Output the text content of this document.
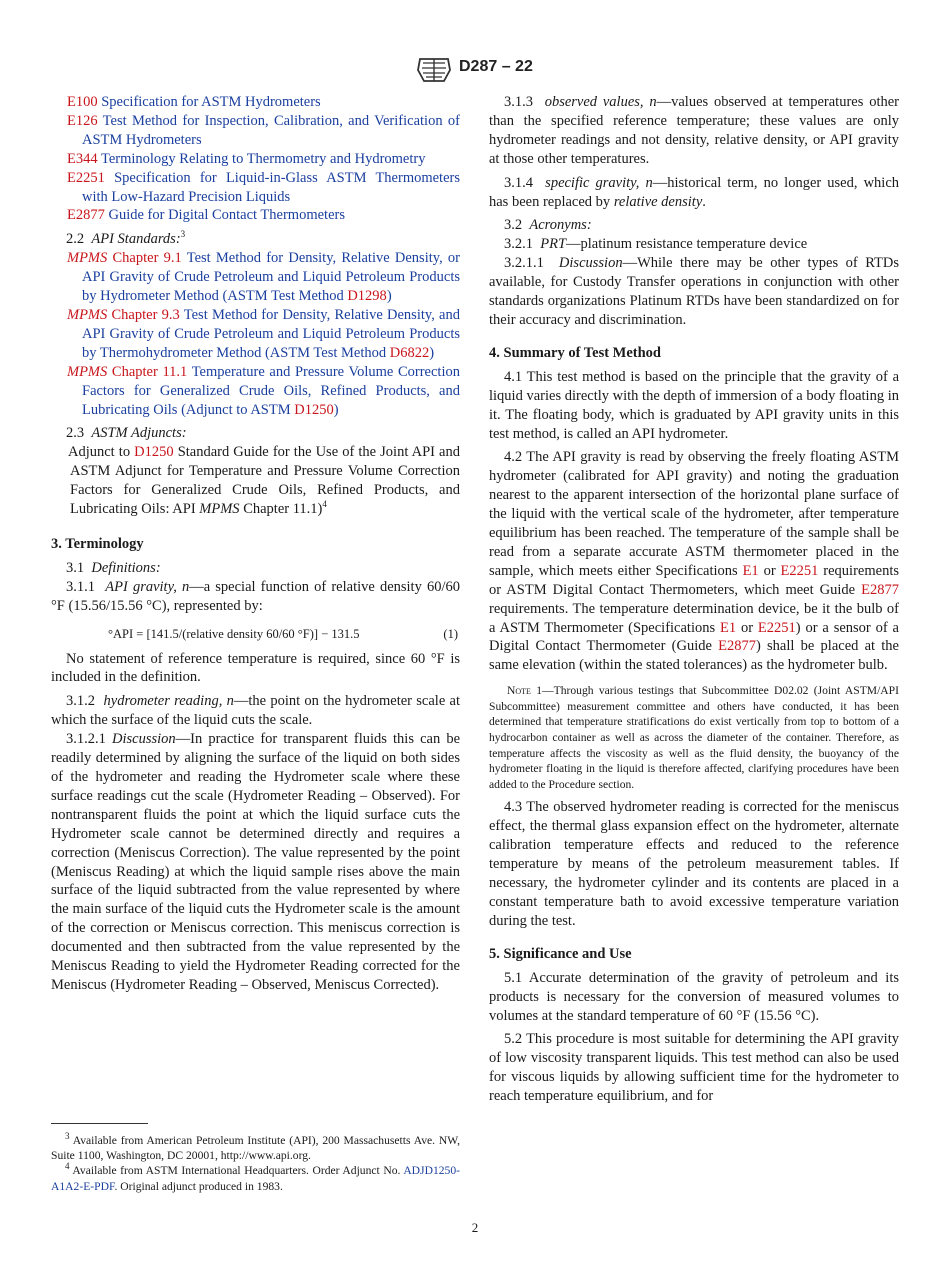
D287 – 22

E100 Specification for ASTM Hydrometers

E126 Test Method for Inspection, Calibration, and Verification of ASTM Hydrometers

E344 Terminology Relating to Thermometry and Hydrometry

E2251 Specification for Liquid-in-Glass ASTM Thermometers with Low-Hazard Precision Liquids

E2877 Guide for Digital Contact Thermometers

2.2 API Standards:$^3$

MPMS Chapter 9.1 Test Method for Density, Relative Density, or API Gravity of Crude Petroleum and Liquid Petroleum Products by Hydrometer Method (ASTM Test Method D1298)

MPMS Chapter 9.3 Test Method for Density, Relative Density, and API Gravity of Crude Petroleum and Liquid Petroleum Products by Thermohydrometer Method (ASTM Test Method D6822)

MPMS Chapter 11.1 Temperature and Pressure Volume Correction Factors for Generalized Crude Oils, Refined Products, and Lubricating Oils (Adjunct to ASTM D1250)

2.3 ASTM Adjuncts:

Adjunct to D1250 Standard Guide for the Use of the Joint API and ASTM Adjunct for Temperature and Pressure Volume Correction Factors for Generalized Crude Oils, Refined Products, and Lubricating Oils: API MPMS Chapter 11.1)$^4$

3. Terminology

3.1 Definitions:

3.1.1 API gravity, n—a special function of relative density 60/60 °F (15.56/15.56 °C), represented by:

°API = [141.5/(relative density 60/60 °F)] − 131.5	(1)

No statement of reference temperature is required, since 60 °F is included in the definition.

3.1.2 hydrometer reading, n—the point on the hydrometer scale at which the surface of the liquid cuts the scale.

3.1.2.1 Discussion—In practice for transparent fluids this can be readily determined by aligning the surface of the liquid on both sides of the hydrometer and reading the Hydrometer scale where these surface readings cut the scale (Hydrometer Reading – Observed). For nontransparent fluids the point at which the liquid surface cuts the Hydrometer scale cannot be determined directly and requires a correction (Meniscus Correction). The value represented by the point (Meniscus Reading) at which the liquid sample rises above the main surface of the liquid subtracted from the value represented by where the main surface of the liquid cuts the Hydrometer scale is the amount of the correction or Meniscus correction. This meniscus correction is documented and then subtracted from the value represented by the Meniscus Reading to yield the Hydrometer Reading corrected for the Meniscus (Hydrometer Reading – Observed, Meniscus Corrected).

$^3$ Available from American Petroleum Institute (API), 200 Massachusetts Ave. NW, Suite 1100, Washington, DC 20001, http://www.api.org.

$^4$ Available from ASTM International Headquarters. Order Adjunct No. ADJD1250-A1A2-E-PDF. Original adjunct produced in 1983.

3.1.3 observed values, n—values observed at temperatures other than the specified reference temperature; these values are only hydrometer readings and not density, relative density, or API gravity at those other temperatures.

3.1.4 specific gravity, n—historical term, no longer used, which has been replaced by relative density.

3.2 Acronyms:

3.2.1 PRT—platinum resistance temperature device

3.2.1.1 Discussion—While there may be other types of RTDs available, for Custody Transfer operations in conjunction with other standards organizations Platinum RTDs have been standardized on for their accuracy and discrimination.

4. Summary of Test Method

4.1 This test method is based on the principle that the gravity of a liquid varies directly with the depth of immersion of a body floating in it. The floating body, which is graduated by API gravity units in this test method, is called an API hydrometer.

4.2 The API gravity is read by observing the freely floating ASTM hydrometer (calibrated for API gravity) and noting the graduation nearest to the apparent intersection of the horizontal plane surface of the liquid with the vertical scale of the hydrometer, after temperature equilibrium has been reached. The temperature of the sample shall be read from a separate accurate ASTM thermometer placed in the sample, which meets either Specifications E1 or E2251 requirements or ASTM Digital Contact Thermometers, which meet Guide E2877 requirements. The temperature determination device, be it the bulb of a ASTM Thermometer (Specifications E1 or E2251) or a sensor of a Digital Contact Thermometer (Guide E2877) shall be placed at the same elevation (within the stated tolerances) as the hydrometer bulb.

Note 1—Through various testings that Subcommittee D02.02 (Joint ASTM/API Subcommittee) measurement committee and others have conducted, it has been determined that temperature stratifications do exist vertically from top to bottom of a hydrocarbon container as well as across the diameter of the container. Therefore, as temperature affects the viscosity as well as the fluid density, the buoyancy of the hydrometer floating in the liquid is therefore affected, clarifying procedures have been added to the Procedure section.

4.3 The observed hydrometer reading is corrected for the meniscus effect, the thermal glass expansion effect on the hydrometer, alternate calibration temperature effects and reduced to the reference temperature by means of the petroleum measurement tables. If necessary, the hydrometer cylinder and its contents are placed in a constant temperature bath to avoid excessive temperature variation during the test.

5. Significance and Use

5.1 Accurate determination of the gravity of petroleum and its products is necessary for the conversion of measured volumes to volumes at the standard temperature of 60 °F (15.56 °C).

5.2 This procedure is most suitable for determining the API gravity of low viscosity transparent liquids. This test method can also be used for viscous liquids by allowing sufficient time for the hydrometer to reach temperature equilibrium, and for

2
